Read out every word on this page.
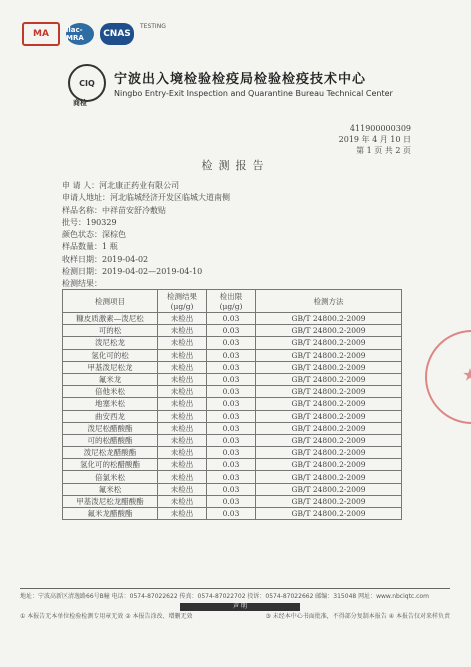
MA	ilac-MRA	CNAS
TESTING
CIQ	宁波出入境检验检疫局检验检疫技术中心
Ningbo Entry-Exit Inspection and Quarantine Bureau Technical Center
商检
411900000309
2019 年 4 月 10 日
第 1 页 共 2 页
检测报告
申 请 人：河北康正药业有限公司
申请人地址：河北临城经济开发区临城大道南侧
样品名称：中祥苗安舒冷敷贴
批号：190329
颜色状态：深棕色
样品数量：1 瓶
收样日期：2019-04-02
检测日期：2019-04-02—2019-04-10
检测结果：
检测项目	检测结果 (μg/g)	检出限 (μg/g)	检测方法
糠皮质激素—泼尼松	未检出	0.03	GB/T 24800.2-2009
可的松	未检出	0.03	GB/T 24800.2-2009
泼尼松龙	未检出	0.03	GB/T 24800.2-2009
氢化可的松	未检出	0.03	GB/T 24800.2-2009
甲基泼尼松龙	未检出	0.03	GB/T 24800.2-2009
氟米龙	未检出	0.03	GB/T 24800.2-2009
倍他米松	未检出	0.03	GB/T 24800.2-2009
地塞米松	未检出	0.03	GB/T 24800.2-2009
曲安西龙	未检出	0.03	GB/T 24800.2-2009
泼尼松醋酸酯	未检出	0.03	GB/T 24800.2-2009
可的松醋酸酯	未检出	0.03	GB/T 24800.2-2009
泼尼松龙醋酸酯	未检出	0.03	GB/T 24800.2-2009
氢化可的松醋酸酯	未检出	0.03	GB/T 24800.2-2009
倍氯米松	未检出	0.03	GB/T 24800.2-2009
氟米松	未检出	0.03	GB/T 24800.2-2009
甲基泼尼松龙醋酸酯	未检出	0.03	GB/T 24800.2-2009
氟米龙醋酸酯	未检出	0.03	GB/T 24800.2-2009
地址：宁波高新区清逸路66号B幢 电话：0574-87022622 传真：0574-87022702 投诉：0574-87022662 邮编：315048 网址：www.nbciqtc.com
声 明
① 本报告无本单位检验检测专用章无效 ② 本报告涂改、增删无效	③ 未经本中心书面批准，不得部分复制本报告 ④ 本报告仅对来样负责
